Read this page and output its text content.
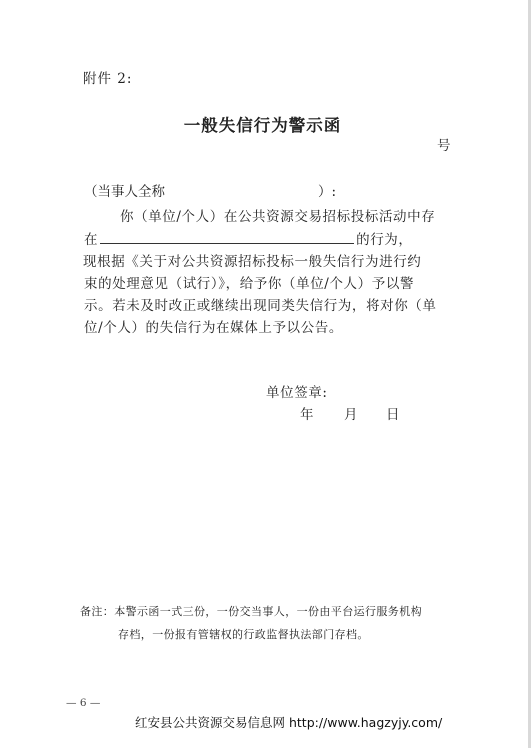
附件 2:
一般失信行为警示函
号
（当事人全称	）:
你（单位/个人）在公共资源交易招标投标活动中存
在	的行为，
现根据《关于对公共资源招标投标一般失信行为进行约
束的处理意见（试行）》，给予你（单位/个人）予以警
示。若未及时改正或继续出现同类失信行为，将对你（单
位/个人）的失信行为在媒体上予以公告。
单位签章:
年 月 日
备注：本警示函一式三份，一份交当事人，一份由平台运行服务机构
存档，一份报有管辖权的行政监督执法部门存档。
— 6 —
红安县公共资源交易信息网 http://www.hagzyjy.com/
